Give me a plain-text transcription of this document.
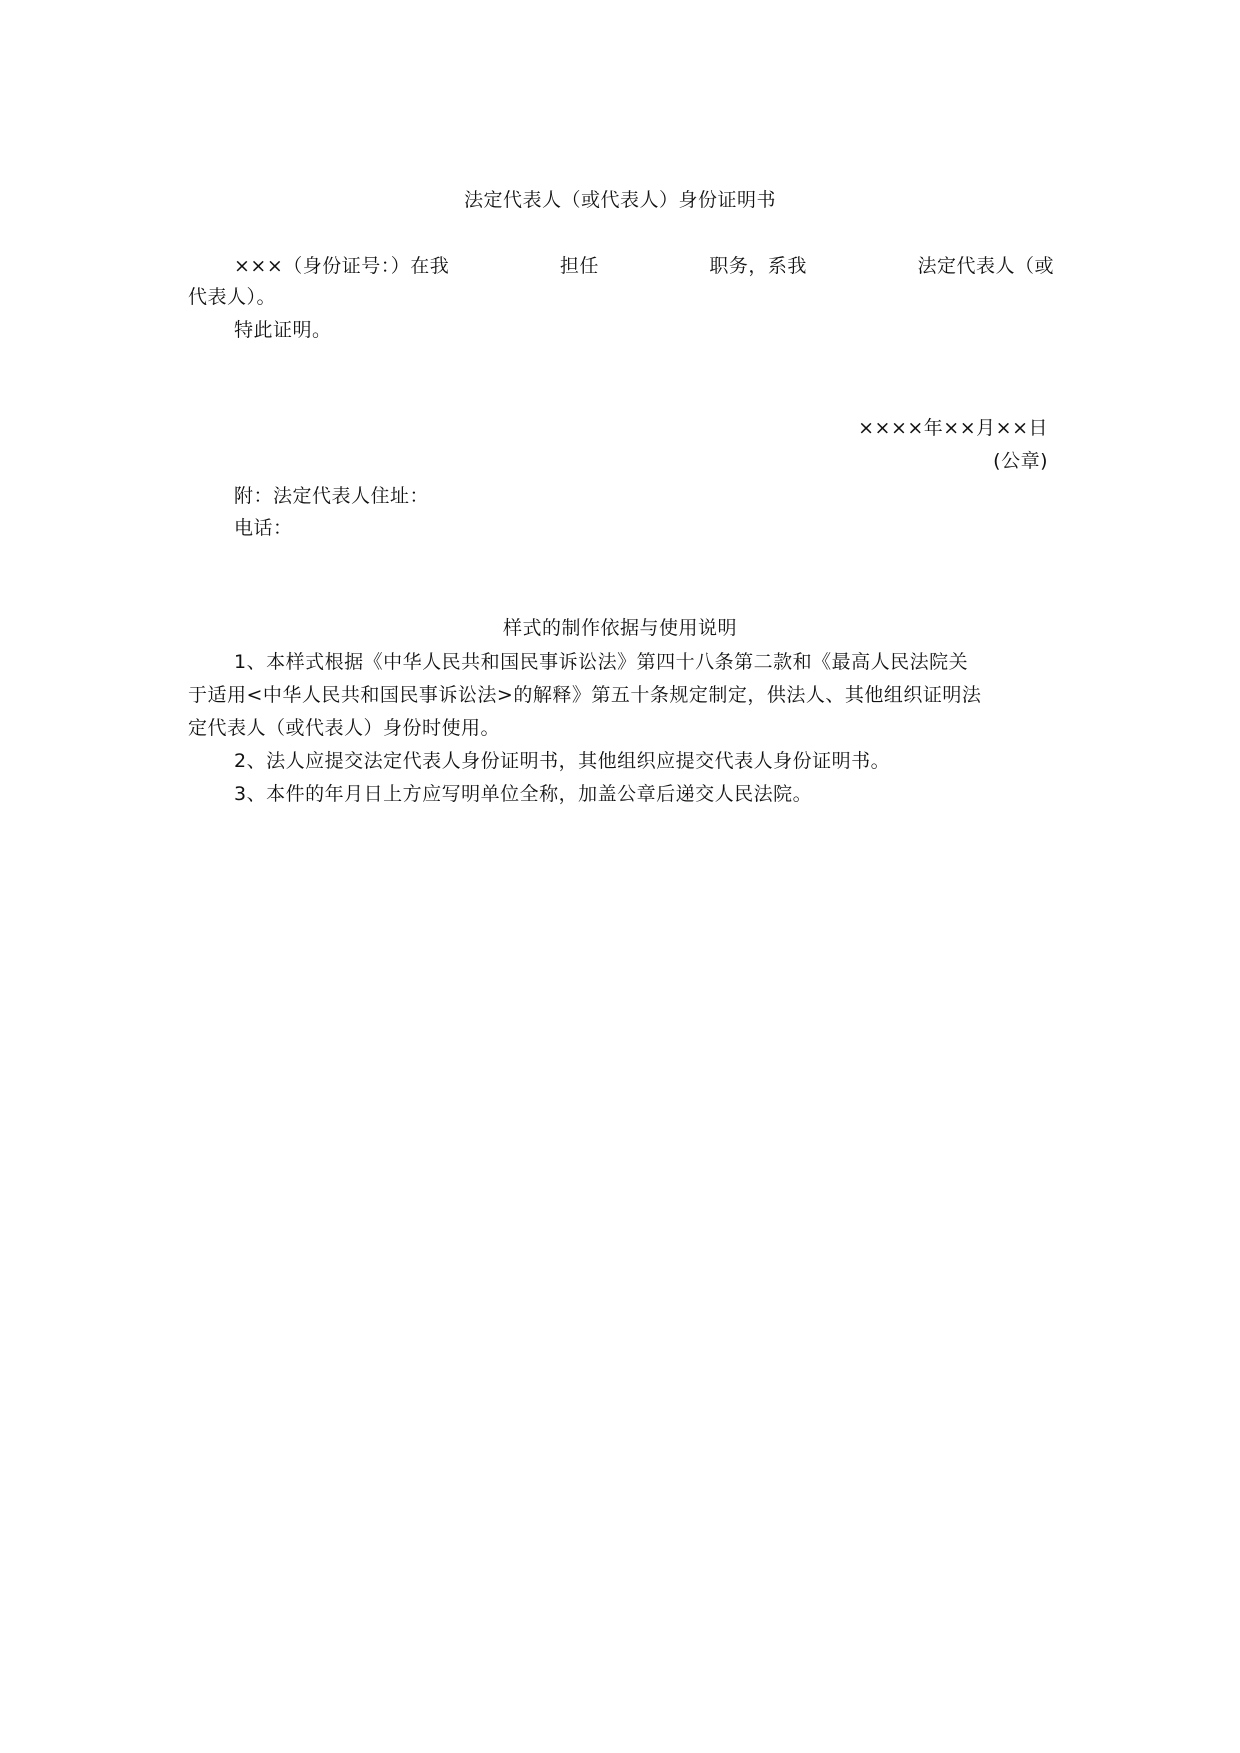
法定代表人（或代表人）身份证明书
×××（身份证号：）在我	担任	职务，系我	法定代表人（或
代表人）。
特此证明。
××××年××月××日
(公章)
附：法定代表人住址：
电话：
样式的制作依据与使用说明
1、本样式根据《中华人民共和国民事诉讼法》第四十八条第二款和《最高人民法院关
于适用<中华人民共和国民事诉讼法>的解释》第五十条规定制定，供法人、其他组织证明法
定代表人（或代表人）身份时使用。
2、法人应提交法定代表人身份证明书，其他组织应提交代表人身份证明书。
3、本件的年月日上方应写明单位全称，加盖公章后递交人民法院。
